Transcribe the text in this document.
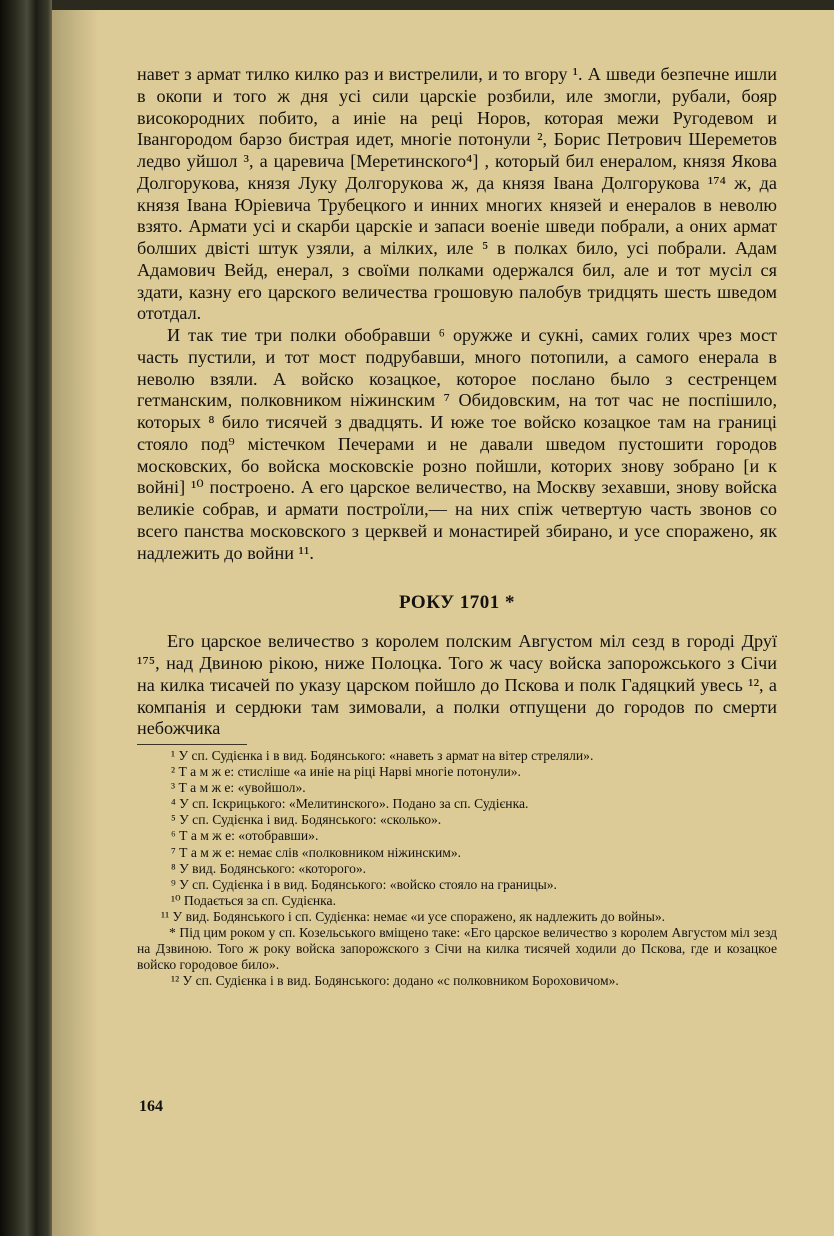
навет з армат тилко килко раз и вистрелили, и то вгору ¹. А шведи безпечне ишли в окопи и того ж дня усі сили царскіе розбили, иле змогли, рубали, бояр високородних побито, а иніе на реці Норов, которая межи Ругодевом и Івангородом барзо бистрая идет, многіе потонули ², Борис Петрович Шереметов ледво уйшол ³, а царевича [Меретинского⁴] , который бил енералом, князя Якова Долгорукова, князя Луку Долгорукова ж, да князя Івана Долгорукова ¹⁷⁴ ж, да князя Івана Юріевича Трубецкого и инних многих князей и енералов в неволю взято. Армати усі и скарби царскіе и запаси военіе шведи побрали, а оних армат болших двісті штук узяли, а мілких, иле ⁵ в полках било, усі побрали. Адам Адамович Вейд, енерал, з своїми полками одержался бил, але и тот мусіл ся здати, казну его царского величества грошовую палобув тридцять шесть шведом ототдал.

И так тие три полки обобравши ⁶ оружже и сукні, самих голих чрез мост часть пустили, и тот мост подрубавши, много потопили, а самого енерала в неволю взяли. А войско козацкое, которое послано было з сестренцем гетманским, полковником ніжинским ⁷ Обидовским, на тот час не поспішило, которых ⁸ било тисячей з двадцять. И юже тое войско козацкое там на границі стояло под⁹ містечком Печерами и не давали шведом пустошити городов московских, бо войска московскіе розно пойшли, которих знову зобрано [и к войні] ¹⁰ построено. А его царское величество, на Москву зехавши, знову войска великіе собрав, и армати построїли,— на них спіж четвертую часть звонов со всего панства московского з церквей и монастирей збирано, и усе споражено, як надлежить до войни ¹¹.

РОКУ 1701 *

Его царское величество з королем полским Августом міл сезд в городі Друї ¹⁷⁵, над Двиною рікою, ниже Полоцка. Того ж часу войска запорожського з Січи на килка тисачей по указу царском пойшло до Пскова и полк Гадяцкий увесь ¹², а компанія и сердюки там зимовали, а полки отпущени до городов по смерти небожчика

¹ У сп. Судієнка і в вид. Бодянського: «наветь з армат на вітер стреляли».

² Т а м ж е: стисліше «а иніе на ріці Нарві многіе потонули».

³ Т а м ж е: «увойшол».

⁴ У сп. Іскрицького: «Мелитинского». Подано за сп. Судієнка.

⁵ У сп. Судієнка і вид. Бодянського: «сколько».

⁶ Т а м ж е: «отобравши».

⁷ Т а м ж е: немає слів «полковником ніжинским».

⁸ У вид. Бодянського: «которого».

⁹ У сп. Судієнка і в вид. Бодянського: «войско стояло на границы».

¹⁰ Подається за сп. Судієнка.

¹¹ У вид. Бодянського і сп. Судієнка: немає «и усе споражено, як надлежить до войны».

* Під цим роком у сп. Козельського вміщено таке: «Его царское величество з королем Августом міл зезд на Дзвиною. Того ж року войска запорожского з Січи на килка тисячей ходили до Пскова, где и козацкое войско городовое било».

¹² У сп. Судієнка і в вид. Бодянського: додано «с полковником Бороховичом».

164
